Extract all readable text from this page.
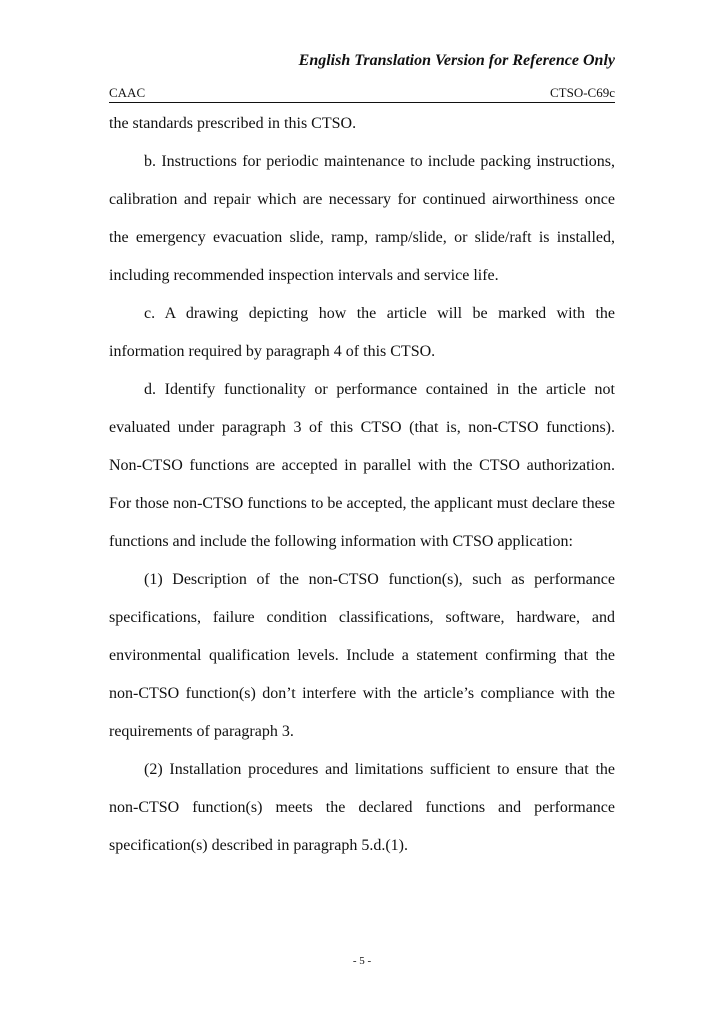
English Translation Version for Reference Only
CAAC	CTSO-C69c

the standards prescribed in this CTSO.

b. Instructions for periodic maintenance to include packing instructions, calibration and repair which are necessary for continued airworthiness once the emergency evacuation slide, ramp, ramp/slide, or slide/raft is installed, including recommended inspection intervals and service life.

c. A drawing depicting how the article will be marked with the information required by paragraph 4 of this CTSO.

d. Identify functionality or performance contained in the article not evaluated under paragraph 3 of this CTSO (that is, non-CTSO functions). Non-CTSO functions are accepted in parallel with the CTSO authorization. For those non-CTSO functions to be accepted, the applicant must declare these functions and include the following information with CTSO application:

(1) Description of the non-CTSO function(s), such as performance specifications, failure condition classifications, software, hardware, and environmental qualification levels. Include a statement confirming that the non-CTSO function(s) don’t interfere with the article’s compliance with the requirements of paragraph 3.

(2) Installation procedures and limitations sufficient to ensure that the non-CTSO function(s) meets the declared functions and performance specification(s) described in paragraph 5.d.(1).

- 5 -
